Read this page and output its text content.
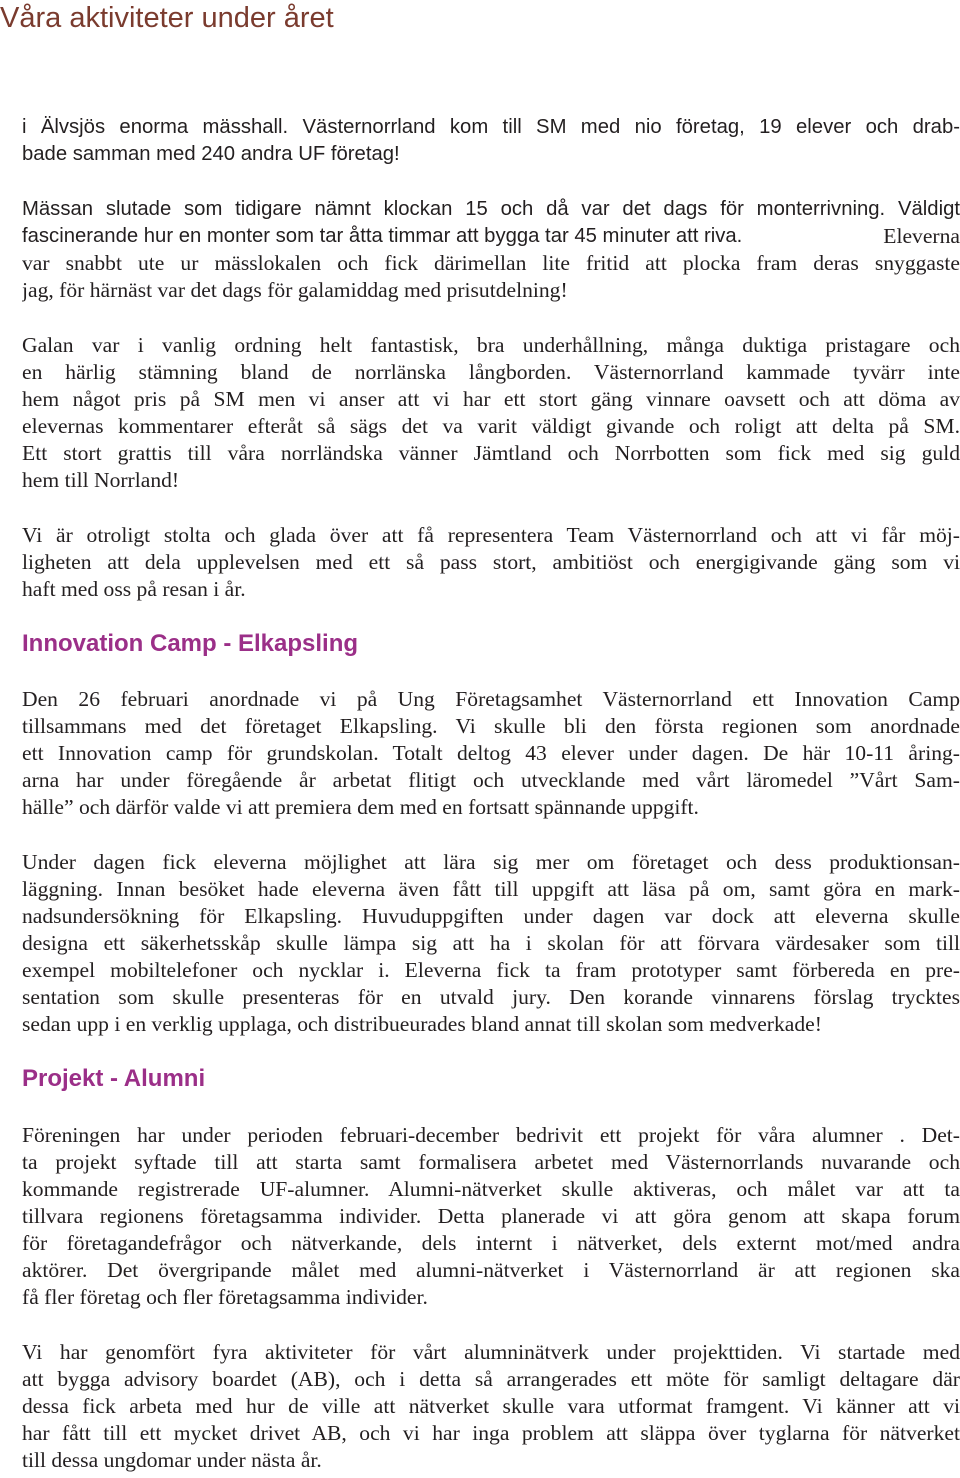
Våra aktiviteter under året
i Älvsjös enorma mässhall. Västernorrland kom till SM med nio företag, 19 elever och drab-
bade samman med 240 andra UF företag!
Mässan slutade som tidigare nämnt klockan 15 och då var det dags för monterrivning. Väldigt
fascinerande hur en monter som tar åtta timmar att bygga tar 45 minuter att riva.	Eleverna
var snabbt ute ur mässlokalen och fick därimellan lite fritid att plocka fram deras snyggaste
jag, för härnäst var det dags för galamiddag med prisutdelning!
Galan var i vanlig ordning helt fantastisk, bra underhållning, många duktiga pristagare och
en härlig stämning bland de norrlänska långborden. Västernorrland kammade tyvärr inte
hem något pris på SM men vi anser att vi har ett stort gäng vinnare oavsett och att döma av
elevernas kommentarer efteråt så sägs det va varit väldigt givande och roligt att delta på SM.
Ett stort grattis till våra norrländska vänner Jämtland och Norrbotten som fick med sig guld
hem till Norrland!
Vi är otroligt stolta och glada över att få representera Team Västernorrland och att vi får möj-
ligheten att dela upplevelsen med ett så pass stort, ambitiöst och energigivande gäng som vi
haft med oss på resan i år.
Innovation Camp - Elkapsling
Den 26 februari anordnade vi på Ung Företagsamhet Västernorrland ett Innovation Camp
tillsammans med det företaget Elkapsling. Vi skulle bli den första regionen som anordnade
ett Innovation camp för grundskolan. Totalt deltog 43 elever under dagen. De här 10-11 åring-
arna har under föregående år arbetat flitigt och utvecklande med vårt läromedel ”Vårt Sam-
hälle” och därför valde vi att premiera dem med en fortsatt spännande uppgift.
Under dagen fick eleverna möjlighet att lära sig mer om företaget och dess produktionsan-
läggning. Innan besöket hade eleverna även fått till uppgift att läsa på om, samt göra en mark-
nadsundersökning för Elkapsling. Huvuduppgiften under dagen var dock att eleverna skulle
designa ett säkerhetsskåp skulle lämpa sig att ha i skolan för att förvara värdesaker som till
exempel mobiltelefoner och nycklar i. Eleverna fick ta fram prototyper samt förbereda en pre-
sentation som skulle presenteras för en utvald jury. Den korande vinnarens förslag trycktes
sedan upp i en verklig upplaga, och distribueurades bland annat till skolan som medverkade!
Projekt - Alumni
Föreningen har under perioden februari-december bedrivit ett projekt för våra alumner . Det-
ta projekt syftade till att starta samt formalisera arbetet med Västernorrlands nuvarande och
kommande registrerade UF-alumner. Alumni-nätverket skulle aktiveras, och målet var att ta
tillvara regionens företagsamma individer. Detta planerade vi att göra genom att skapa forum
för företagandefrågor och nätverkande, dels internt i nätverket, dels externt mot/med andra
aktörer. Det övergripande målet med alumni-nätverket i Västernorrland är att regionen ska
få fler företag och fler företagsamma individer.
Vi har genomfört fyra aktiviteter för vårt alumninätverk under projekttiden. Vi startade med
att bygga advisory boardet (AB), och i detta så arrangerades ett möte för samligt deltagare där
dessa fick arbeta med hur de ville att nätverket skulle vara utformat framgent. Vi känner att vi
har fått till ett mycket drivet AB, och vi har inga problem att släppa över tyglarna för nätverket
till dessa ungdomar under nästa år.
